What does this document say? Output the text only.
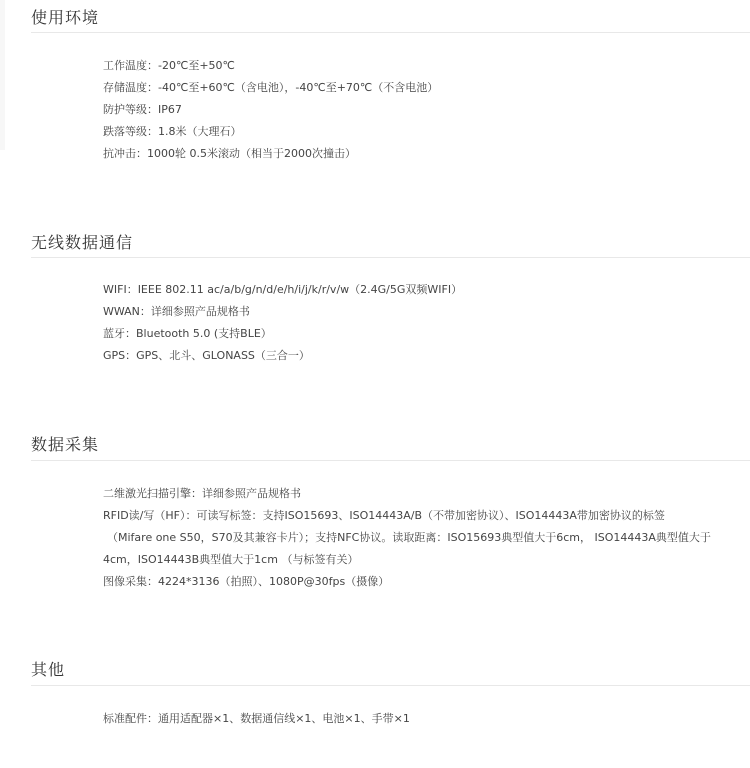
使用环境
工作温度：-20℃至+50℃
存储温度：-40℃至+60℃（含电池），-40℃至+70℃（不含电池）
防护等级：IP67
跌落等级：1.8米（大理石）
抗冲击：1000轮 0.5米滚动（相当于2000次撞击）
无线数据通信
WIFI：IEEE 802.11 ac/a/b/g/n/d/e/h/i/j/k/r/v/w（2.4G/5G双频WIFI）
WWAN：详细参照产品规格书
蓝牙：Bluetooth 5.0 (支持BLE）
GPS：GPS、北斗、GLONASS（三合一）
数据采集
二维激光扫描引擎：详细参照产品规格书
RFID读/写（HF）：可读写标签：支持ISO15693、ISO14443A/B（不带加密协议）、ISO14443A带加密协议的标签
（Mifare one S50，S70及其兼容卡片）；支持NFC协议。读取距离：ISO15693典型值大于6cm， ISO14443A典型值大于
4cm，ISO14443B典型值大于1cm （与标签有关）
图像采集：4224*3136（拍照）、1080P@30fps（摄像）
其他
标准配件：通用适配器×1、数据通信线×1、电池×1、手带×1
